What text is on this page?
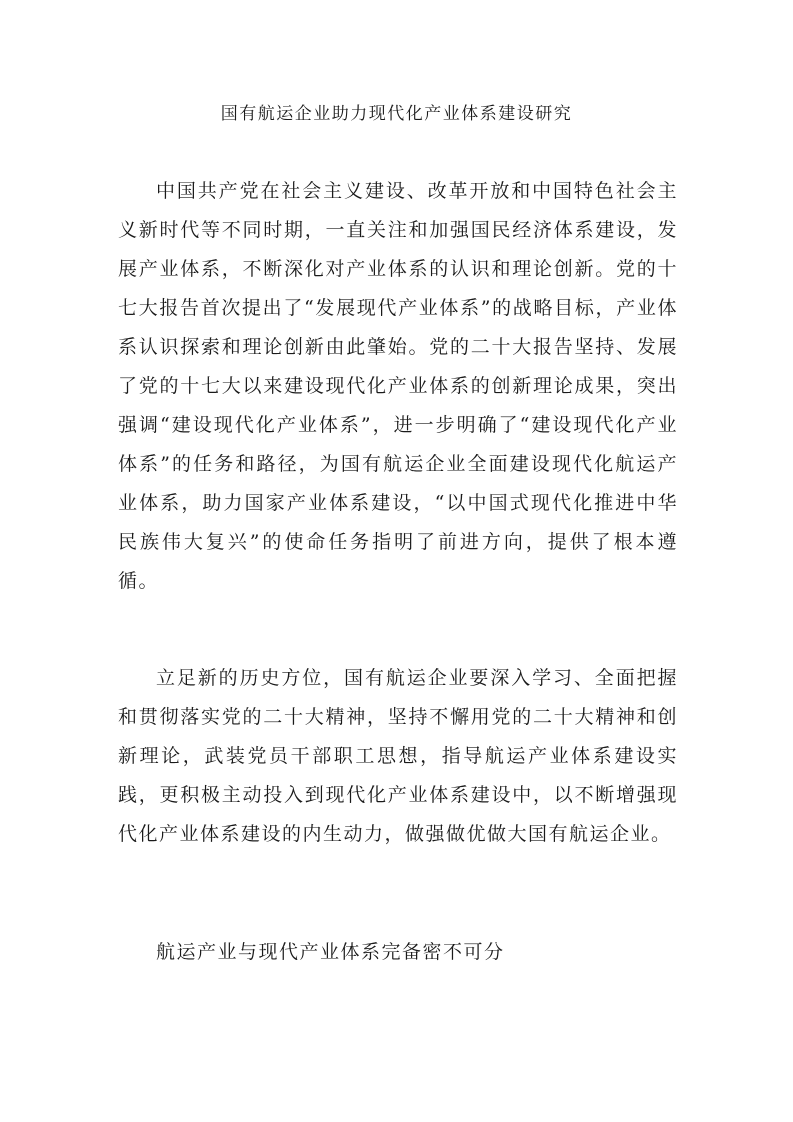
国有航运企业助力现代化产业体系建设研究

中国共产党在社会主义建设、改革开放和中国特色社会主义新时代等不同时期，一直关注和加强国民经济体系建设，发展产业体系，不断深化对产业体系的认识和理论创新。党的十七大报告首次提出了“发展现代产业体系”的战略目标，产业体系认识探索和理论创新由此肇始。党的二十大报告坚持、发展了党的十七大以来建设现代化产业体系的创新理论成果，突出强调“建设现代化产业体系”，进一步明确了“建设现代化产业体系”的任务和路径，为国有航运企业全面建设现代化航运产业体系，助力国家产业体系建设，“以中国式现代化推进中华民族伟大复兴”的使命任务指明了前进方向，提供了根本遵循。

立足新的历史方位，国有航运企业要深入学习、全面把握和贯彻落实党的二十大精神，坚持不懈用党的二十大精神和创新理论，武装党员干部职工思想，指导航运产业体系建设实践，更积极主动投入到现代化产业体系建设中，以不断增强现代化产业体系建设的内生动力，做强做优做大国有航运企业。

航运产业与现代产业体系完备密不可分
